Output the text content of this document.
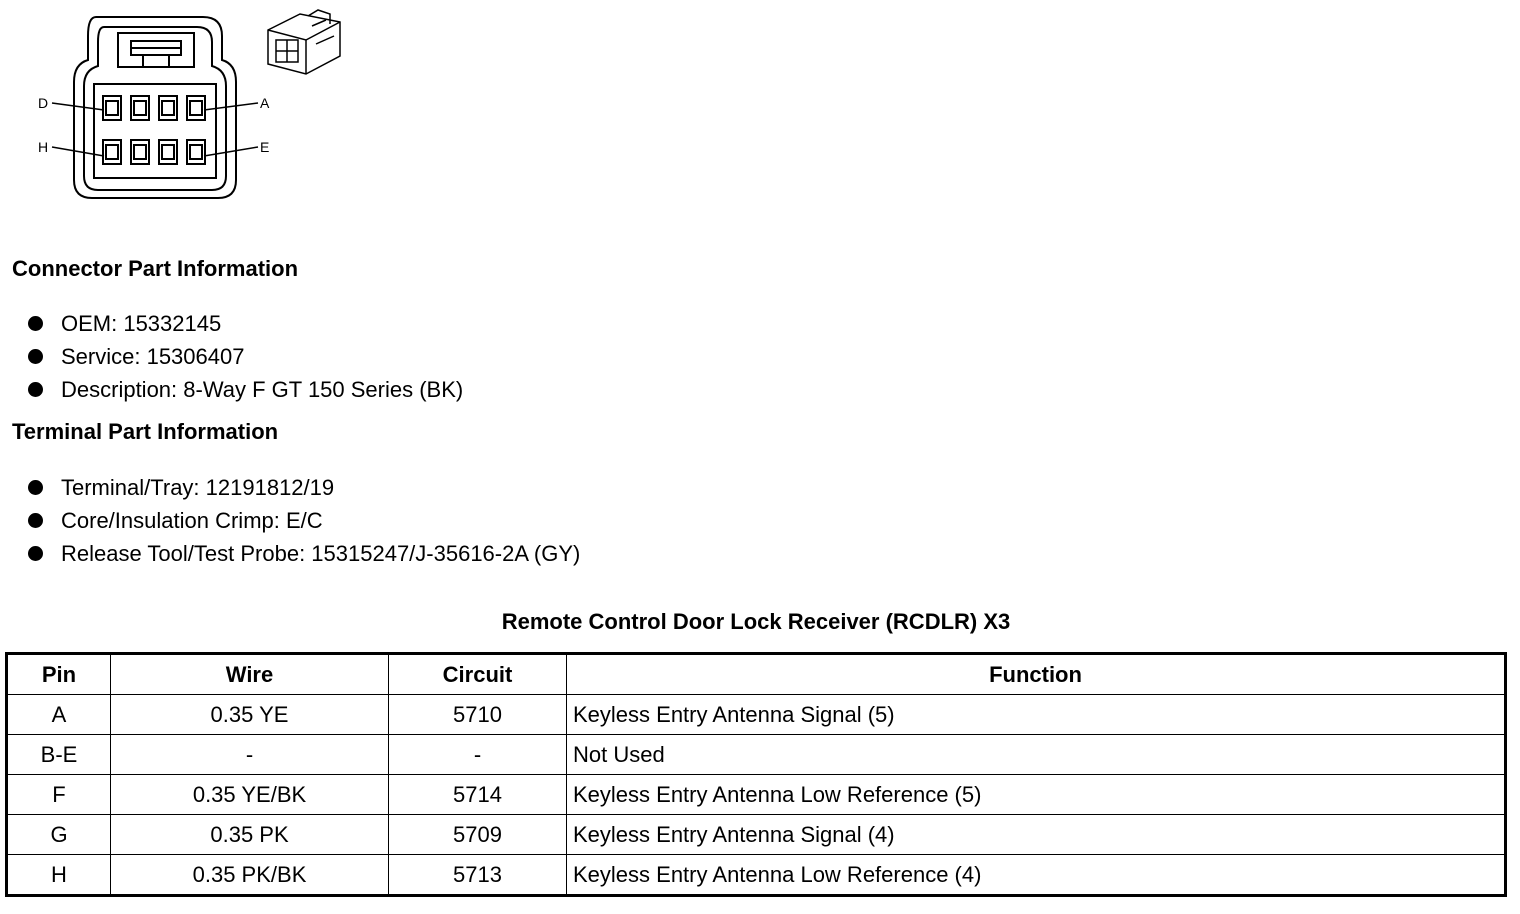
D	A
H	E
Connector Part Information
OEM: 15332145
Service: 15306407
Description: 8-Way F GT 150 Series (BK)
Terminal Part Information
Terminal/Tray: 12191812/19
Core/Insulation Crimp: E/C
Release Tool/Test Probe: 15315247/J-35616-2A (GY)
Remote Control Door Lock Receiver (RCDLR) X3
Pin	Wire	Circuit	Function
A	0.35 YE	5710	Keyless Entry Antenna Signal (5)
B-E	-	-	Not Used
F	0.35 YE/BK	5714	Keyless Entry Antenna Low Reference (5)
G	0.35 PK	5709	Keyless Entry Antenna Signal (4)
H	0.35 PK/BK	5713	Keyless Entry Antenna Low Reference (4)
